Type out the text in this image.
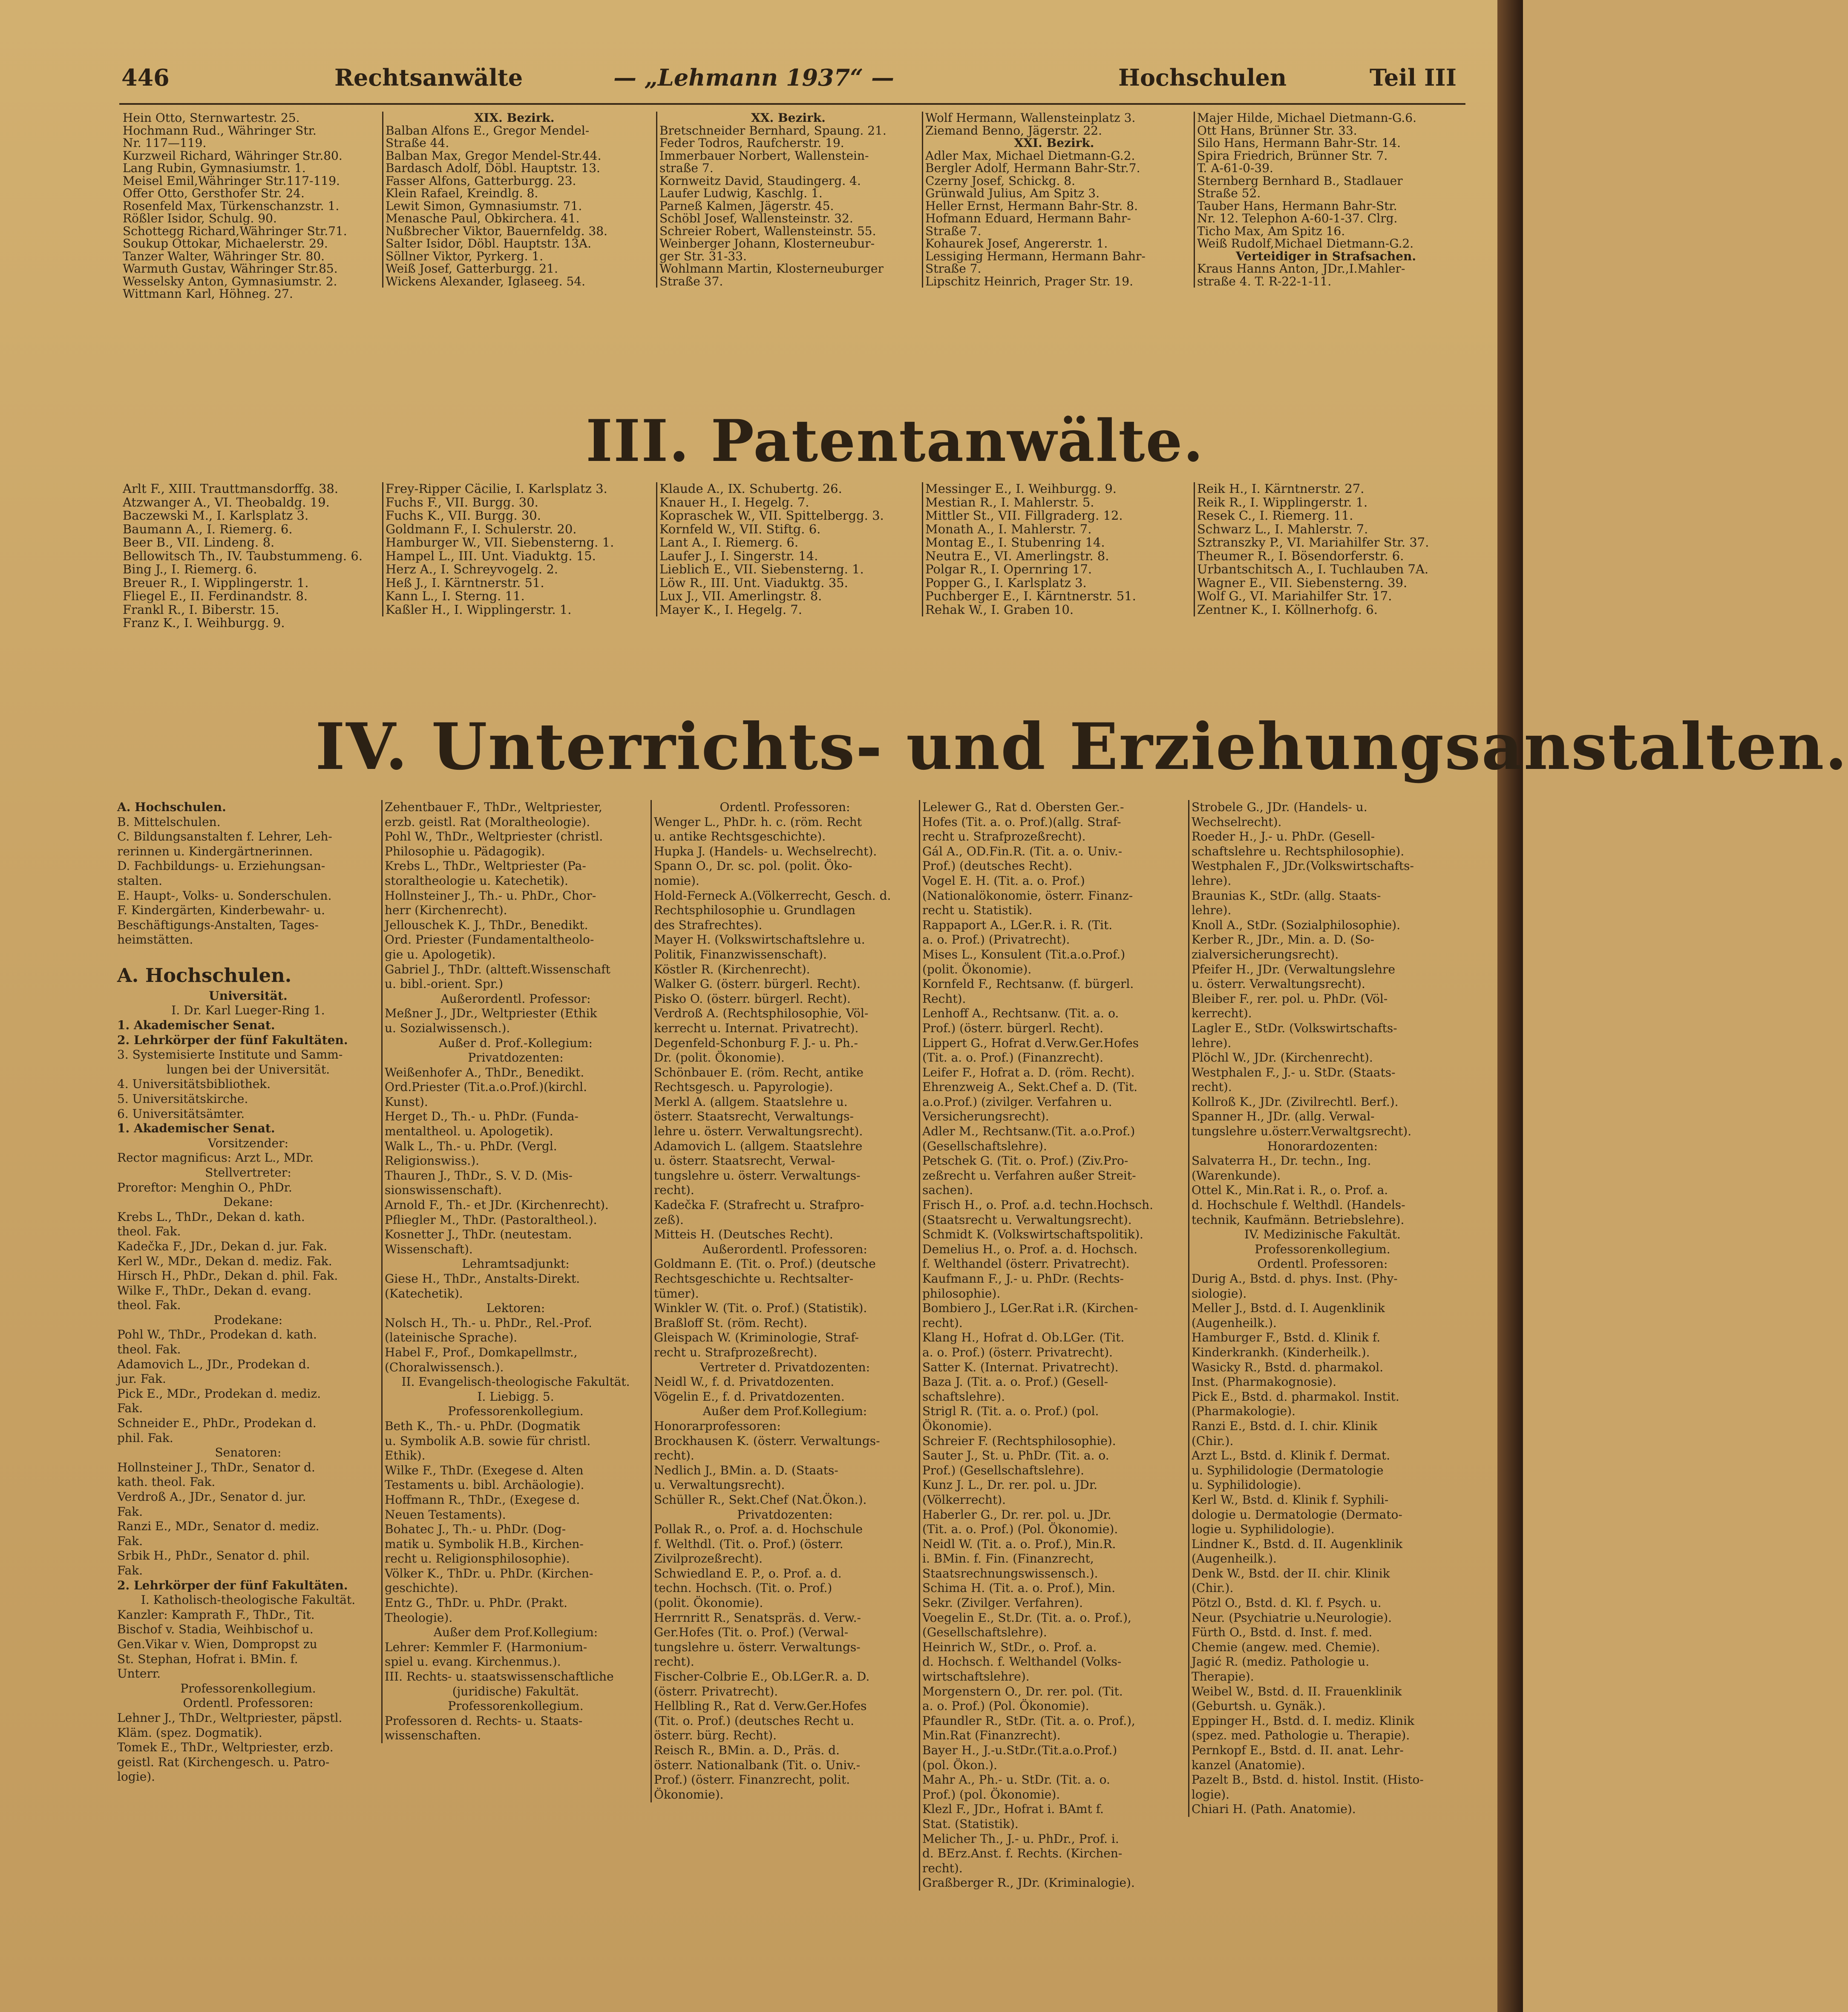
446	Rechtsanwälte	— „Lehmann 1937“ —	Hochschulen	Teil III
Hein Otto, Sternwartestr. 25.
Hochmann Rud., Währinger Str.
Nr. 117—119.
Kurzweil Richard, Währinger Str.80.
Lang Rubin, Gymnasiumstr. 1.
Meisel Emil,Währinger Str.117-119.
Offer Otto, Gersthofer Str. 24.
Rosenfeld Max, Türkenschanzstr. 1.
Rößler Isidor, Schulg. 90.
Schottegg Richard,Währinger Str.71.
Soukup Ottokar, Michaelerstr. 29.
Tanzer Walter, Währinger Str. 80.
Warmuth Gustav, Währinger Str.85.
Wesselsky Anton, Gymnasiumstr. 2.
Wittmann Karl, Höhneg. 27.
XIX. Bezirk.
Balban Alfons E., Gregor Mendel-
Straße 44.
Balban Max, Gregor Mendel-Str.44.
Bardasch Adolf, Döbl. Hauptstr. 13.
Fasser Alfons, Gatterburgg. 23.
Klein Rafael, Kreindlg. 8.
Lewit Simon, Gymnasiumstr. 71.
Menasche Paul, Obkirchera. 41.
Nußbrecher Viktor, Bauernfeldg. 38.
Salter Isidor, Döbl. Hauptstr. 13A.
Söllner Viktor, Pyrkerg. 1.
Weiß Josef, Gatterburgg. 21.
Wickens Alexander, Iglaseeg. 54.
XX. Bezirk.
Bretschneider Bernhard, Spaung. 21.
Feder Todros, Raufcherstr. 19.
Immerbauer Norbert, Wallenstein-
straße 7.
Kornweitz David, Staudingerg. 4.
Laufer Ludwig, Kaschlg. 1.
Parneß Kalmen, Jägerstr. 45.
Schöbl Josef, Wallensteinstr. 32.
Schreier Robert, Wallensteinstr. 55.
Weinberger Johann, Klosterneubur-
ger Str. 31-33.
Wohlmann Martin, Klosterneuburger
Straße 37.
Wolf Hermann, Wallensteinplatz 3.
Ziemand Benno, Jägerstr. 22.
XXI. Bezirk.
Adler Max, Michael Dietmann-G.2.
Bergler Adolf, Hermann Bahr-Str.7.
Czerny Josef, Schickg. 8.
Grünwald Julius, Am Spitz 3.
Heller Ernst, Hermann Bahr-Str. 8.
Hofmann Eduard, Hermann Bahr-
Straße 7.
Kohaurek Josef, Angererstr. 1.
Lessiging Hermann, Hermann Bahr-
Straße 7.
Lipschitz Heinrich, Prager Str. 19.
Majer Hilde, Michael Dietmann-G.6.
Ott Hans, Brünner Str. 33.
Silo Hans, Hermann Bahr-Str. 14.
Spira Friedrich, Brünner Str. 7.
T. A-61-0-39.
Sternberg Bernhard B., Stadlauer
Straße 52.
Tauber Hans, Hermann Bahr-Str.
Nr. 12. Telephon A-60-1-37. Clrg.
Ticho Max, Am Spitz 16.
Weiß Rudolf,Michael Dietmann-G.2.
Verteidiger in Strafsachen.
Kraus Hanns Anton, JDr.,I.Mahler-
straße 4. T. R-22-1-11.
III. Patentanwälte.
Arlt F., XIII. Trauttmansdorffg. 38.
Atzwanger A., VI. Theobaldg. 19.
Baczewski M., I. Karlsplatz 3.
Baumann A., I. Riemerg. 6.
Beer B., VII. Lindeng. 8.
Bellowitsch Th., IV. Taubstummeng. 6.
Bing J., I. Riemerg. 6.
Breuer R., I. Wipplingerstr. 1.
Fliegel E., II. Ferdinandstr. 8.
Frankl R., I. Biberstr. 15.
Franz K., I. Weihburgg. 9.
Frey-Ripper Cäcilie, I. Karlsplatz 3.
Fuchs F., VII. Burgg. 30.
Fuchs K., VII. Burgg. 30.
Goldmann F., I. Schulerstr. 20.
Hamburger W., VII. Siebensterng. 1.
Hampel L., III. Unt. Viaduktg. 15.
Herz A., I. Schreyvogelg. 2.
Heß J., I. Kärntnerstr. 51.
Kann L., I. Sterng. 11.
Kaßler H., I. Wipplingerstr. 1.
Klaude A., IX. Schubertg. 26.
Knauer H., I. Hegelg. 7.
Kopraschek W., VII. Spittelbergg. 3.
Kornfeld W., VII. Stiftg. 6.
Lant A., I. Riemerg. 6.
Laufer J., I. Singerstr. 14.
Lieblich E., VII. Siebensterng. 1.
Löw R., III. Unt. Viaduktg. 35.
Lux J., VII. Amerlingstr. 8.
Mayer K., I. Hegelg. 7.
Messinger E., I. Weihburgg. 9.
Mestian R., I. Mahlerstr. 5.
Mittler St., VII. Fillgraderg. 12.
Monath A., I. Mahlerstr. 7.
Montag E., I. Stubenring 14.
Neutra E., VI. Amerlingstr. 8.
Polgar R., I. Opernring 17.
Popper G., I. Karlsplatz 3.
Puchberger E., I. Kärntnerstr. 51.
Rehak W., I. Graben 10.
Reik H., I. Kärntnerstr. 27.
Reik R., I. Wipplingerstr. 1.
Resek C., I. Riemerg. 11.
Schwarz L., I. Mahlerstr. 7.
Sztranszky P., VI. Mariahilfer Str. 37.
Theumer R., I. Bösendorferstr. 6.
Urbantschitsch A., I. Tuchlauben 7A.
Wagner E., VII. Siebensterng. 39.
Wolf G., VI. Mariahilfer Str. 17.
Zentner K., I. Köllnerhofg. 6.
IV. Unterrichts- und Erziehungsanstalten.
A. Hochschulen.
B. Mittelschulen.
C. Bildungsanstalten f. Lehrer, Leh-
rerinnen u. Kindergärtnerinnen.
D. Fachbildungs- u. Erziehungsan-
stalten.
E. Haupt-, Volks- u. Sonderschulen.
F. Kindergärten, Kinderbewahr- u.
Beschäftigungs-Anstalten, Tages-
heimstätten.
A. Hochschulen.
Universität.
I. Dr. Karl Lueger-Ring 1.
1. Akademischer Senat.
2. Lehrkörper der fünf Fakultäten.
3. Systemisierte Institute und Samm-
lungen bei der Universität.
4. Universitätsbibliothek.
5. Universitätskirche.
6. Universitätsämter.
1. Akademischer Senat.
Vorsitzender:
Rector magnificus: Arzt L., MDr.
Stellvertreter:
Proreftor: Menghin O., PhDr.
Dekane:
Krebs L., ThDr., Dekan d. kath.
theol. Fak.
Kadečka F., JDr., Dekan d. jur. Fak.
Kerl W., MDr., Dekan d. mediz. Fak.
Hirsch H., PhDr., Dekan d. phil. Fak.
Wilke F., ThDr., Dekan d. evang.
theol. Fak.
Prodekane:
Pohl W., ThDr., Prodekan d. kath.
theol. Fak.
Adamovich L., JDr., Prodekan d.
jur. Fak.
Pick E., MDr., Prodekan d. mediz.
Fak.
Schneider E., PhDr., Prodekan d.
phil. Fak.
Senatoren:
Hollnsteiner J., ThDr., Senator d.
kath. theol. Fak.
Verdroß A., JDr., Senator d. jur.
Fak.
Ranzi E., MDr., Senator d. mediz.
Fak.
Srbik H., PhDr., Senator d. phil.
Fak.
2. Lehrkörper der fünf Fakultäten.
I. Katholisch-theologische Fakultät.
Kanzler: Kamprath F., ThDr., Tit.
Bischof v. Stadia, Weihbischof u.
Gen.Vikar v. Wien, Dompropst zu
St. Stephan, Hofrat i. BMin. f.
Unterr.
Professorenkollegium.
Ordentl. Professoren:
Lehner J., ThDr., Weltpriester, päpstl.
Kläm. (spez. Dogmatik).
Tomek E., ThDr., Weltpriester, erzb.
geistl. Rat (Kirchengesch. u. Patro-
logie).
Zehentbauer F., ThDr., Weltpriester,
erzb. geistl. Rat (Moraltheologie).
Pohl W., ThDr., Weltpriester (christl.
Philosophie u. Pädagogik).
Krebs L., ThDr., Weltpriester (Pa-
storaltheologie u. Katechetik).
Hollnsteiner J., Th.- u. PhDr., Chor-
herr (Kirchenrecht).
Jellouschek K. J., ThDr., Benedikt.
Ord. Priester (Fundamentaltheolo-
gie u. Apologetik).
Gabriel J., ThDr. (altteft.Wissenschaft
u. bibl.-orient. Spr.)
Außerordentl. Professor:
Meßner J., JDr., Weltpriester (Ethik
u. Sozialwissensch.).
Außer d. Prof.-Kollegium:
Privatdozenten:
Weißenhofer A., ThDr., Benedikt.
Ord.Priester (Tit.a.o.Prof.)(kirchl.
Kunst).
Herget D., Th.- u. PhDr. (Funda-
mentaltheol. u. Apologetik).
Walk L., Th.- u. PhDr. (Vergl.
Religionswiss.).
Thauren J., ThDr., S. V. D. (Mis-
sionswissenschaft).
Arnold F., Th.- et JDr. (Kirchenrecht).
Pfliegler M., ThDr. (Pastoraltheol.).
Kosnetter J., ThDr. (neutestam.
Wissenschaft).
Lehramtsadjunkt:
Giese H., ThDr., Anstalts-Direkt.
(Katechetik).
Lektoren:
Nolsch H., Th.- u. PhDr., Rel.-Prof.
(lateinische Sprache).
Habel F., Prof., Domkapellmstr.,
(Choralwissensch.).
II. Evangelisch-theologische Fakultät.
I. Liebigg. 5.
Professorenkollegium.
Beth K., Th.- u. PhDr. (Dogmatik
u. Symbolik A.B. sowie für christl.
Ethik).
Wilke F., ThDr. (Exegese d. Alten
Testaments u. bibl. Archäologie).
Hoffmann R., ThDr., (Exegese d.
Neuen Testaments).
Bohatec J., Th.- u. PhDr. (Dog-
matik u. Symbolik H.B., Kirchen-
recht u. Religionsphilosophie).
Völker K., ThDr. u. PhDr. (Kirchen-
geschichte).
Entz G., ThDr. u. PhDr. (Prakt.
Theologie).
Außer dem Prof.Kollegium:
Lehrer: Kemmler F. (Harmonium-
spiel u. evang. Kirchenmus.).
III. Rechts- u. staatswissenschaftliche
(juridische) Fakultät.
Professorenkollegium.
Professoren d. Rechts- u. Staats-
wissenschaften.
Ordentl. Professoren:
Wenger L., PhDr. h. c. (röm. Recht
u. antike Rechtsgeschichte).
Hupka J. (Handels- u. Wechselrecht).
Spann O., Dr. sc. pol. (polit. Öko-
nomie).
Hold-Ferneck A.(Völkerrecht, Gesch. d.
Rechtsphilosophie u. Grundlagen
des Strafrechtes).
Mayer H. (Volkswirtschaftslehre u.
Politik, Finanzwissenschaft).
Köstler R. (Kirchenrecht).
Walker G. (österr. bürgerl. Recht).
Pisko O. (österr. bürgerl. Recht).
Verdroß A. (Rechtsphilosophie, Völ-
kerrecht u. Internat. Privatrecht).
Degenfeld-Schonburg F. J.- u. Ph.-
Dr. (polit. Ökonomie).
Schönbauer E. (röm. Recht, antike
Rechtsgesch. u. Papyrologie).
Merkl A. (allgem. Staatslehre u.
österr. Staatsrecht, Verwaltungs-
lehre u. österr. Verwaltungsrecht).
Adamovich L. (allgem. Staatslehre
u. österr. Staatsrecht, Verwal-
tungslehre u. österr. Verwaltungs-
recht).
Kadečka F. (Strafrecht u. Strafpro-
zeß).
Mitteis H. (Deutsches Recht).
Außerordentl. Professoren:
Goldmann E. (Tit. o. Prof.) (deutsche
Rechtsgeschichte u. Rechtsalter-
tümer).
Winkler W. (Tit. o. Prof.) (Statistik).
Braßloff St. (röm. Recht).
Gleispach W. (Kriminologie, Straf-
recht u. Strafprozeßrecht).
Vertreter d. Privatdozenten:
Neidl W., f. d. Privatdozenten.
Vögelin E., f. d. Privatdozenten.
Außer dem Prof.Kollegium:
Honorarprofessoren:
Brockhausen K. (österr. Verwaltungs-
recht).
Nedlich J., BMin. a. D. (Staats-
u. Verwaltungsrecht).
Schüller R., Sekt.Chef (Nat.Ökon.).
Privatdozenten:
Pollak R., o. Prof. a. d. Hochschule
f. Welthdl. (Tit. o. Prof.) (österr.
Zivilprozeßrecht).
Schwiedland E. P., o. Prof. a. d.
techn. Hochsch. (Tit. o. Prof.)
(polit. Ökonomie).
Herrnritt R., Senatspräs. d. Verw.-
Ger.Hofes (Tit. o. Prof.) (Verwal-
tungslehre u. österr. Verwaltungs-
recht).
Fischer-Colbrie E., Ob.LGer.R. a. D.
(österr. Privatrecht).
Hellbling R., Rat d. Verw.Ger.Hofes
(Tit. o. Prof.) (deutsches Recht u.
österr. bürg. Recht).
Reisch R., BMin. a. D., Präs. d.
österr. Nationalbank (Tit. o. Univ.-
Prof.) (österr. Finanzrecht, polit.
Ökonomie).
Lelewer G., Rat d. Obersten Ger.-
Hofes (Tit. a. o. Prof.)(allg. Straf-
recht u. Strafprozeßrecht).
Gál A., OD.Fin.R. (Tit. a. o. Univ.-
Prof.) (deutsches Recht).
Vogel E. H. (Tit. a. o. Prof.)
(Nationalökonomie, österr. Finanz-
recht u. Statistik).
Rappaport A., LGer.R. i. R. (Tit.
a. o. Prof.) (Privatrecht).
Mises L., Konsulent (Tit.a.o.Prof.)
(polit. Ökonomie).
Kornfeld F., Rechtsanw. (f. bürgerl.
Recht).
Lenhoff A., Rechtsanw. (Tit. a. o.
Prof.) (österr. bürgerl. Recht).
Lippert G., Hofrat d.Verw.Ger.Hofes
(Tit. a. o. Prof.) (Finanzrecht).
Leifer F., Hofrat a. D. (röm. Recht).
Ehrenzweig A., Sekt.Chef a. D. (Tit.
a.o.Prof.) (zivilger. Verfahren u.
Versicherungsrecht).
Adler M., Rechtsanw.(Tit. a.o.Prof.)
(Gesellschaftslehre).
Petschek G. (Tit. o. Prof.) (Ziv.Pro-
zeßrecht u. Verfahren außer Streit-
sachen).
Frisch H., o. Prof. a.d. techn.Hochsch.
(Staatsrecht u. Verwaltungsrecht).
Schmidt K. (Volkswirtschaftspolitik).
Demelius H., o. Prof. a. d. Hochsch.
f. Welthandel (österr. Privatrecht).
Kaufmann F., J.- u. PhDr. (Rechts-
philosophie).
Bombiero J., LGer.Rat i.R. (Kirchen-
recht).
Klang H., Hofrat d. Ob.LGer. (Tit.
a. o. Prof.) (österr. Privatrecht).
Satter K. (Internat. Privatrecht).
Baza J. (Tit. a. o. Prof.) (Gesell-
schaftslehre).
Strigl R. (Tit. a. o. Prof.) (pol.
Ökonomie).
Schreier F. (Rechtsphilosophie).
Sauter J., St. u. PhDr. (Tit. a. o.
Prof.) (Gesellschaftslehre).
Kunz J. L., Dr. rer. pol. u. JDr.
(Völkerrecht).
Haberler G., Dr. rer. pol. u. JDr.
(Tit. a. o. Prof.) (Pol. Ökonomie).
Neidl W. (Tit. a. o. Prof.), Min.R.
i. BMin. f. Fin. (Finanzrecht,
Staatsrechnungswissensch.).
Schima H. (Tit. a. o. Prof.), Min.
Sekr. (Zivilger. Verfahren).
Voegelin E., St.Dr. (Tit. a. o. Prof.),
(Gesellschaftslehre).
Heinrich W., StDr., o. Prof. a.
d. Hochsch. f. Welthandel (Volks-
wirtschaftslehre).
Morgenstern O., Dr. rer. pol. (Tit.
a. o. Prof.) (Pol. Ökonomie).
Pfaundler R., StDr. (Tit. a. o. Prof.),
Min.Rat (Finanzrecht).
Bayer H., J.-u.StDr.(Tit.a.o.Prof.)
(pol. Ökon.).
Mahr A., Ph.- u. StDr. (Tit. a. o.
Prof.) (pol. Ökonomie).
Klezl F., JDr., Hofrat i. BAmt f.
Stat. (Statistik).
Melicher Th., J.- u. PhDr., Prof. i.
d. BErz.Anst. f. Rechts. (Kirchen-
recht).
Graßberger R., JDr. (Kriminalogie).
Strobele G., JDr. (Handels- u.
Wechselrecht).
Roeder H., J.- u. PhDr. (Gesell-
schaftslehre u. Rechtsphilosophie).
Westphalen F., JDr.(Volkswirtschafts-
lehre).
Braunias K., StDr. (allg. Staats-
lehre).
Knoll A., StDr. (Sozialphilosophie).
Kerber R., JDr., Min. a. D. (So-
zialversicherungsrecht).
Pfeifer H., JDr. (Verwaltungslehre
u. österr. Verwaltungsrecht).
Bleiber F., rer. pol. u. PhDr. (Völ-
kerrecht).
Lagler E., StDr. (Volkswirtschafts-
lehre).
Plöchl W., JDr. (Kirchenrecht).
Westphalen F., J.- u. StDr. (Staats-
recht).
Kollroß K., JDr. (Zivilrechtl. Berf.).
Spanner H., JDr. (allg. Verwal-
tungslehre u.österr.Verwaltgsrecht).
Honorardozenten:
Salvaterra H., Dr. techn., Ing.
(Warenkunde).
Ottel K., Min.Rat i. R., o. Prof. a.
d. Hochschule f. Welthdl. (Handels-
technik, Kaufmänn. Betriebslehre).
IV. Medizinische Fakultät.
Professorenkollegium.
Ordentl. Professoren:
Durig A., Bstd. d. phys. Inst. (Phy-
siologie).
Meller J., Bstd. d. I. Augenklinik
(Augenheilk.).
Hamburger F., Bstd. d. Klinik f.
Kinderkrankh. (Kinderheilk.).
Wasicky R., Bstd. d. pharmakol.
Inst. (Pharmakognosie).
Pick E., Bstd. d. pharmakol. Instit.
(Pharmakologie).
Ranzi E., Bstd. d. I. chir. Klinik
(Chir.).
Arzt L., Bstd. d. Klinik f. Dermat.
u. Syphilidologie (Dermatologie
u. Syphilidologie).
Kerl W., Bstd. d. Klinik f. Syphili-
dologie u. Dermatologie (Dermato-
logie u. Syphilidologie).
Lindner K., Bstd. d. II. Augenklinik
(Augenheilk.).
Denk W., Bstd. der II. chir. Klinik
(Chir.).
Pötzl O., Bstd. d. Kl. f. Psych. u.
Neur. (Psychiatrie u.Neurologie).
Fürth O., Bstd. d. Inst. f. med.
Chemie (angew. med. Chemie).
Jagić R. (mediz. Pathologie u.
Therapie).
Weibel W., Bstd. d. II. Frauenklinik
(Geburtsh. u. Gynäk.).
Eppinger H., Bstd. d. I. mediz. Klinik
(spez. med. Pathologie u. Therapie).
Pernkopf E., Bstd. d. II. anat. Lehr-
kanzel (Anatomie).
Pazelt B., Bstd. d. histol. Instit. (Histo-
logie).
Chiari H. (Path. Anatomie).
